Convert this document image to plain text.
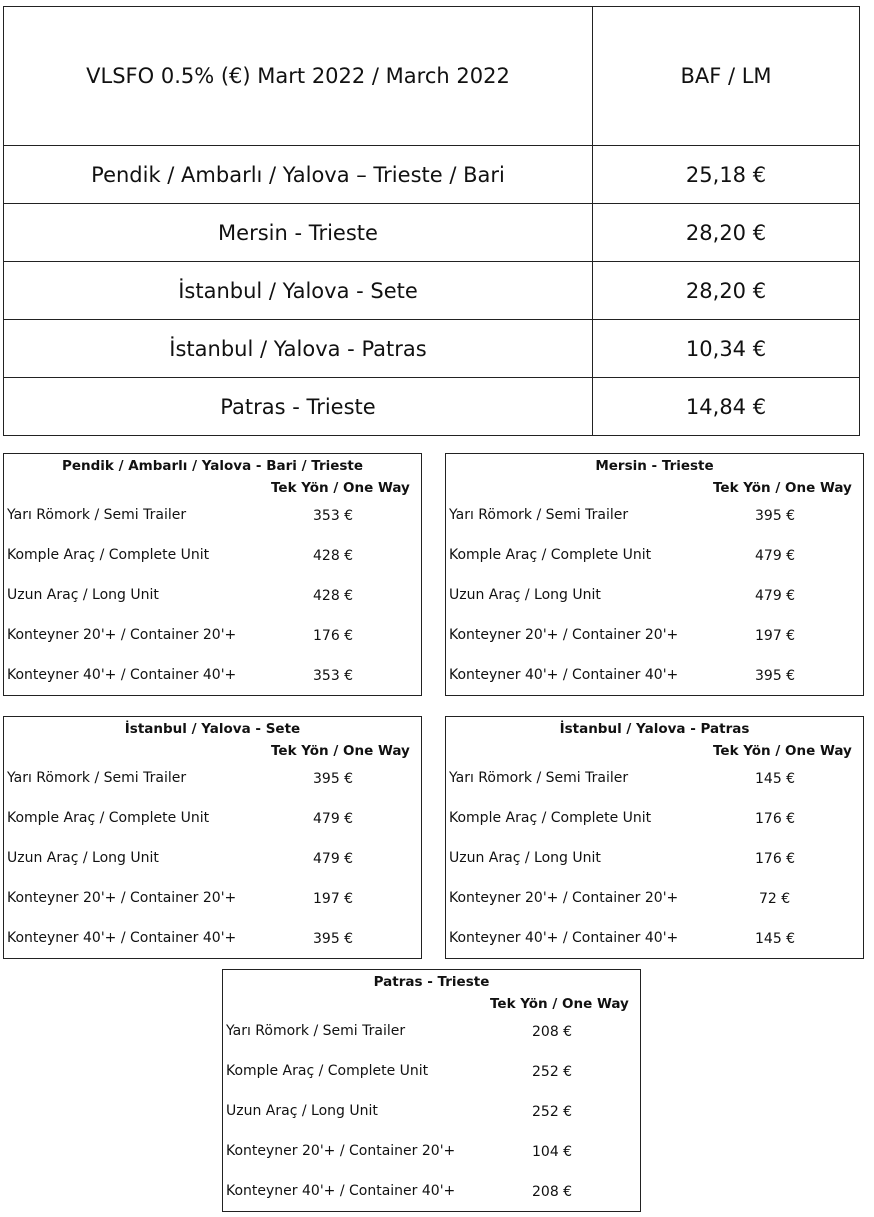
VLSFO 0.5% (€) Mart 2022 / March 2022	BAF / LM
Pendik / Ambarlı / Yalova – Trieste / Bari	25,18 €
Mersin - Trieste	28,20 €
İstanbul / Yalova - Sete	28,20 €
İstanbul / Yalova - Patras	10,34 €
Patras - Trieste	14,84 €
Pendik / Ambarlı / Yalova - Bari / Trieste
Tek Yön / One Way
Yarı Römork / Semi Trailer	353 €
Komple Araç / Complete Unit	428 €
Uzun Araç / Long Unit	428 €
Konteyner 20'+ / Container 20'+	176 €
Konteyner 40'+ / Container 40'+	353 €
Mersin - Trieste
Tek Yön / One Way
Yarı Römork / Semi Trailer	395 €
Komple Araç / Complete Unit	479 €
Uzun Araç / Long Unit	479 €
Konteyner 20'+ / Container 20'+	197 €
Konteyner 40'+ / Container 40'+	395 €
İstanbul / Yalova - Sete
Tek Yön / One Way
Yarı Römork / Semi Trailer	395 €
Komple Araç / Complete Unit	479 €
Uzun Araç / Long Unit	479 €
Konteyner 20'+ / Container 20'+	197 €
Konteyner 40'+ / Container 40'+	395 €
İstanbul / Yalova - Patras
Tek Yön / One Way
Yarı Römork / Semi Trailer	145 €
Komple Araç / Complete Unit	176 €
Uzun Araç / Long Unit	176 €
Konteyner 20'+ / Container 20'+	72 €
Konteyner 40'+ / Container 40'+	145 €
Patras - Trieste
Tek Yön / One Way
Yarı Römork / Semi Trailer	208 €
Komple Araç / Complete Unit	252 €
Uzun Araç / Long Unit	252 €
Konteyner 20'+ / Container 20'+	104 €
Konteyner 40'+ / Container 40'+	208 €
